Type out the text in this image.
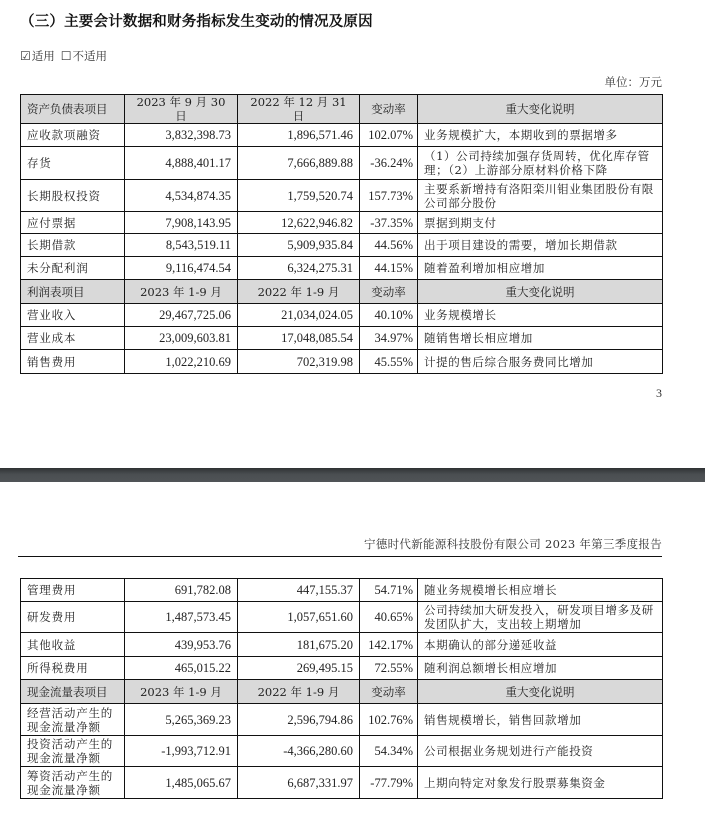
（三）主要会计数据和财务指标发生变动的情况及原因
☑ 适用 ☐ 不适用
单位：万元
资产负债表项目	2023 年 9 月 30 日	2022 年 12 月 31 日	变动率	重大变化说明
应收款项融资	3,832,398.73	1,896,571.46	102.07%	业务规模扩大，本期收到的票据增多
存货	4,888,401.17	7,666,889.88	-36.24%	（1）公司持续加强存货周转，优化库存管理；（2）上游部分原材料价格下降
长期股权投资	4,534,874.35	1,759,520.74	157.73%	主要系新增持有洛阳栾川钼业集团股份有限公司部分股份
应付票据	7,908,143.95	12,622,946.82	-37.35%	票据到期支付
长期借款	8,543,519.11	5,909,935.84	44.56%	出于项目建设的需要，增加长期借款
未分配利润	9,116,474.54	6,324,275.31	44.15%	随着盈利增加相应增加
利润表项目	2023 年 1-9 月	2022 年 1-9 月	变动率	重大变化说明
营业收入	29,467,725.06	21,034,024.05	40.10%	业务规模增长
营业成本	23,009,603.81	17,048,085.54	34.97%	随销售增长相应增加
销售费用	1,022,210.69	702,319.98	45.55%	计提的售后综合服务费同比增加
3
宁德时代新能源科技股份有限公司 2023 年第三季度报告
管理费用	691,782.08	447,155.37	54.71%	随业务规模增长相应增长
研发费用	1,487,573.45	1,057,651.60	40.65%	公司持续加大研发投入，研发项目增多及研发团队扩大，支出较上期增加
其他收益	439,953.76	181,675.20	142.17%	本期确认的部分递延收益
所得税费用	465,015.22	269,495.15	72.55%	随利润总额增长相应增加
现金流量表项目	2023 年 1-9 月	2022 年 1-9 月	变动率	重大变化说明
经营活动产生的现金流量净额	5,265,369.23	2,596,794.86	102.76%	销售规模增长，销售回款增加
投资活动产生的现金流量净额	-1,993,712.91	-4,366,280.60	54.34%	公司根据业务规划进行产能投资
筹资活动产生的现金流量净额	1,485,065.67	6,687,331.97	-77.79%	上期向特定对象发行股票募集资金
